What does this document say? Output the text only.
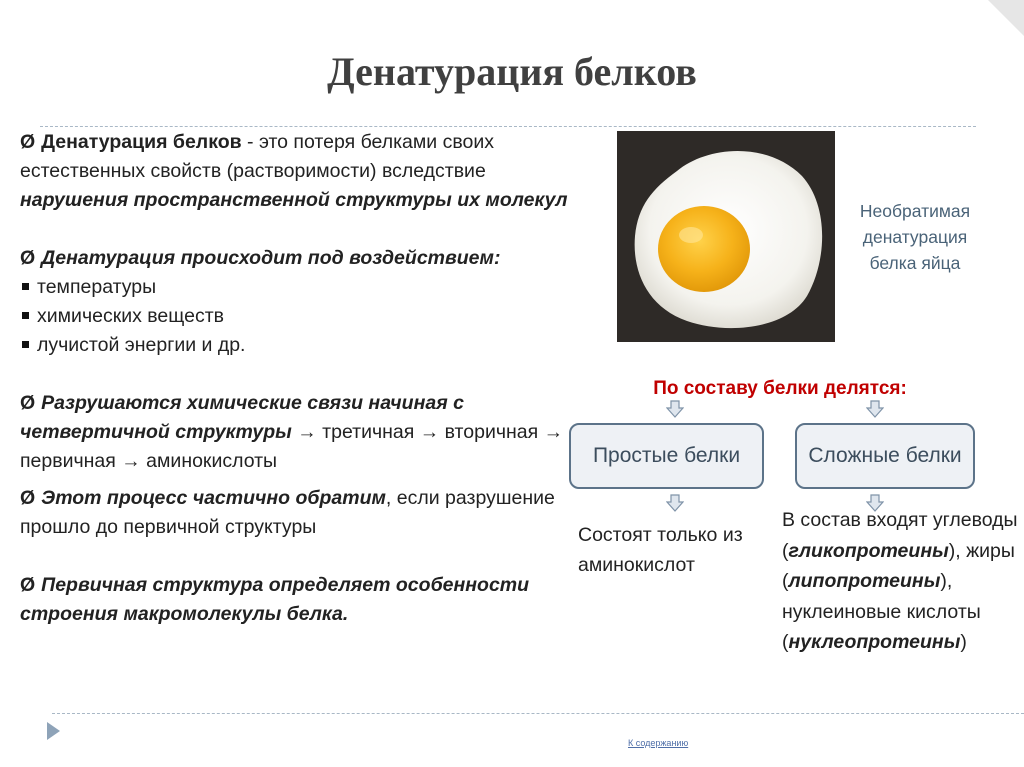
Денатурация белков

Ø Денатурация белков - это потеря белками своих естественных свойств (растворимости) вследствие нарушения пространственной структуры их молекул

Ø Денатурация происходит под воздействием:

температуры

химических веществ

лучистой энергии и др.

Ø Разрушаются химические связи начиная с четвертичной структуры → третичная → вторичная → первичная → аминокислоты

Ø Этот процесс частично обратим, если разрушение прошло до первичной структуры

Ø Первичная структура определяет особенности строения макромолекулы белка.

Необратимая денатурация белка яйца
По составу белки делятся:
Простые белки	Сложные белки
Состоят только из аминокислот
В состав входят углеводы (гликопротеины), жиры (липопротеины), нуклеиновые кислоты (нуклеопротеины)
К содержанию
